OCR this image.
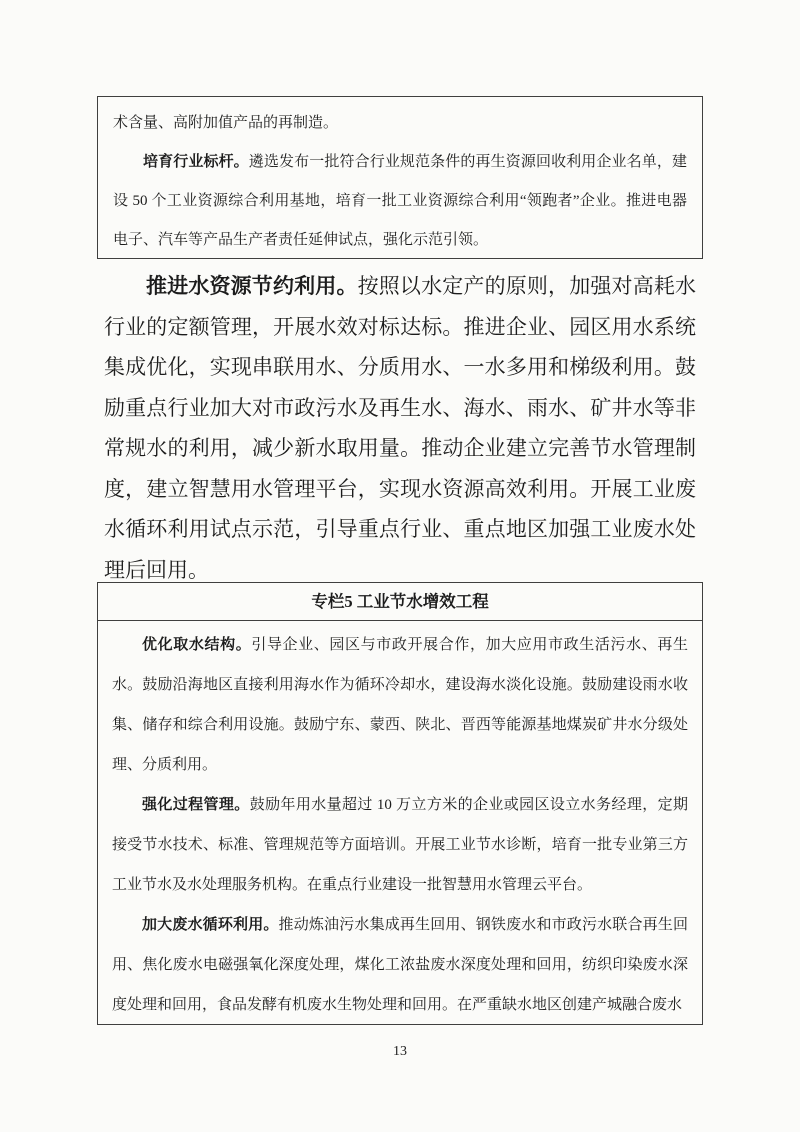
术含量、高附加值产品的再制造。

培育行业标杆。遴选发布一批符合行业规范条件的再生资源回收利用企业名单，建设 50 个工业资源综合利用基地，培育一批工业资源综合利用“领跑者”企业。推进电器电子、汽车等产品生产者责任延伸试点，强化示范引领。

推进水资源节约利用。按照以水定产的原则，加强对高耗水行业的定额管理，开展水效对标达标。推进企业、园区用水系统集成优化，实现串联用水、分质用水、一水多用和梯级利用。鼓励重点行业加大对市政污水及再生水、海水、雨水、矿井水等非常规水的利用，减少新水取用量。推动企业建立完善节水管理制度，建立智慧用水管理平台，实现水资源高效利用。开展工业废水循环利用试点示范，引导重点行业、重点地区加强工业废水处理后回用。

专栏5 工业节水增效工程

优化取水结构。引导企业、园区与市政开展合作，加大应用市政生活污水、再生水。鼓励沿海地区直接利用海水作为循环冷却水，建设海水淡化设施。鼓励建设雨水收集、储存和综合利用设施。鼓励宁东、蒙西、陕北、晋西等能源基地煤炭矿井水分级处理、分质利用。

强化过程管理。鼓励年用水量超过 10 万立方米的企业或园区设立水务经理，定期接受节水技术、标准、管理规范等方面培训。开展工业节水诊断，培育一批专业第三方工业节水及水处理服务机构。在重点行业建设一批智慧用水管理云平台。

加大废水循环利用。推动炼油污水集成再生回用、钢铁废水和市政污水联合再生回用、焦化废水电磁强氧化深度处理，煤化工浓盐废水深度处理和回用，纺织印染废水深度处理和回用，食品发酵有机废水生物处理和回用。在严重缺水地区创建产城融合废水

13
